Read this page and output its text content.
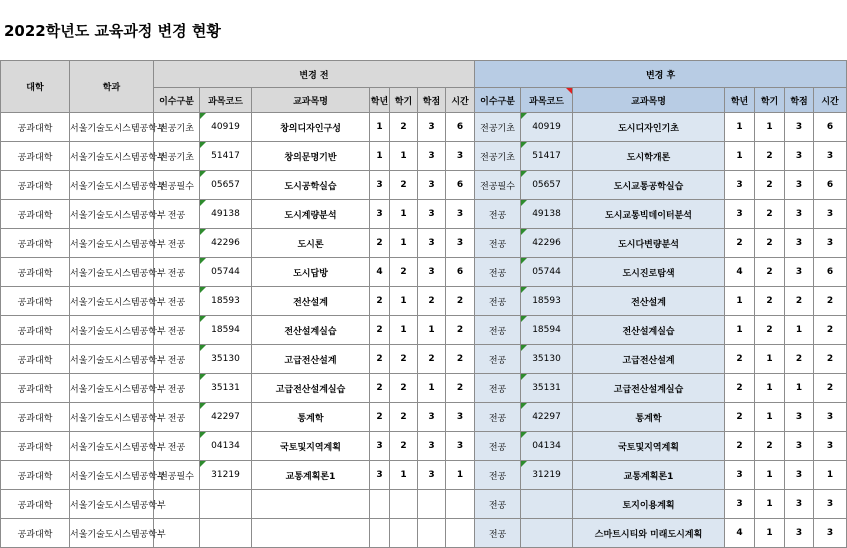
2022학년도 교육과정 변경 현황
대학	학과	변경 전							변경 후						
		이수구분	과목코드	교과목명	학년	학기	학점	시간	이수구분	과목코드	교과목명	학년	학기	학점	시간
공과대학	서울기술도시스템공학부	전공기초	40919	창의디자인구성	1	2	3	6	전공기초	40919	도시디자인기초	1	1	3	6
공과대학	서울기술도시스템공학부	전공기초	51417	창의문명기반	1	1	3	3	전공기초	51417	도시학개론	1	2	3	3
공과대학	서울기술도시스템공학부	전공필수	05657	도시공학실습	3	2	3	6	전공필수	05657	도시교통공학실습	3	2	3	6
공과대학	서울기술도시스템공학부	전공	49138	도시계량분석	3	1	3	3	전공	49138	도시교통빅데이터분석	3	2	3	3
공과대학	서울기술도시스템공학부	전공	42296	도시론	2	1	3	3	전공	42296	도시다변량분석	2	2	3	3
공과대학	서울기술도시스템공학부	전공	05744	도시답방	4	2	3	6	전공	05744	도시진로탐색	4	2	3	6
공과대학	서울기술도시스템공학부	전공	18593	전산설계	2	1	2	2	전공	18593	전산설계	1	2	2	2
공과대학	서울기술도시스템공학부	전공	18594	전산설계실습	2	1	1	2	전공	18594	전산설계실습	1	2	1	2
공과대학	서울기술도시스템공학부	전공	35130	고급전산설계	2	2	2	2	전공	35130	고급전산설계	2	1	2	2
공과대학	서울기술도시스템공학부	전공	35131	고급전산설계실습	2	2	1	2	전공	35131	고급전산설계실습	2	1	1	2
공과대학	서울기술도시스템공학부	전공	42297	통계학	2	2	3	3	전공	42297	통계학	2	1	3	3
공과대학	서울기술도시스템공학부	전공	04134	국토및지역계획	3	2	3	3	전공	04134	국토및지역계획	2	2	3	3
공과대학	서울기술도시스템공학부	전공필수	31219	교통계획론1	3	1	3	1	전공	31219	교통계획론1	3	1	3	1
공과대학	서울기술도시스템공학부								전공		토지이용계획	3	1	3	3
공과대학	서울기술도시스템공학부								전공		스마트시티와 미래도시계획	4	1	3	3
